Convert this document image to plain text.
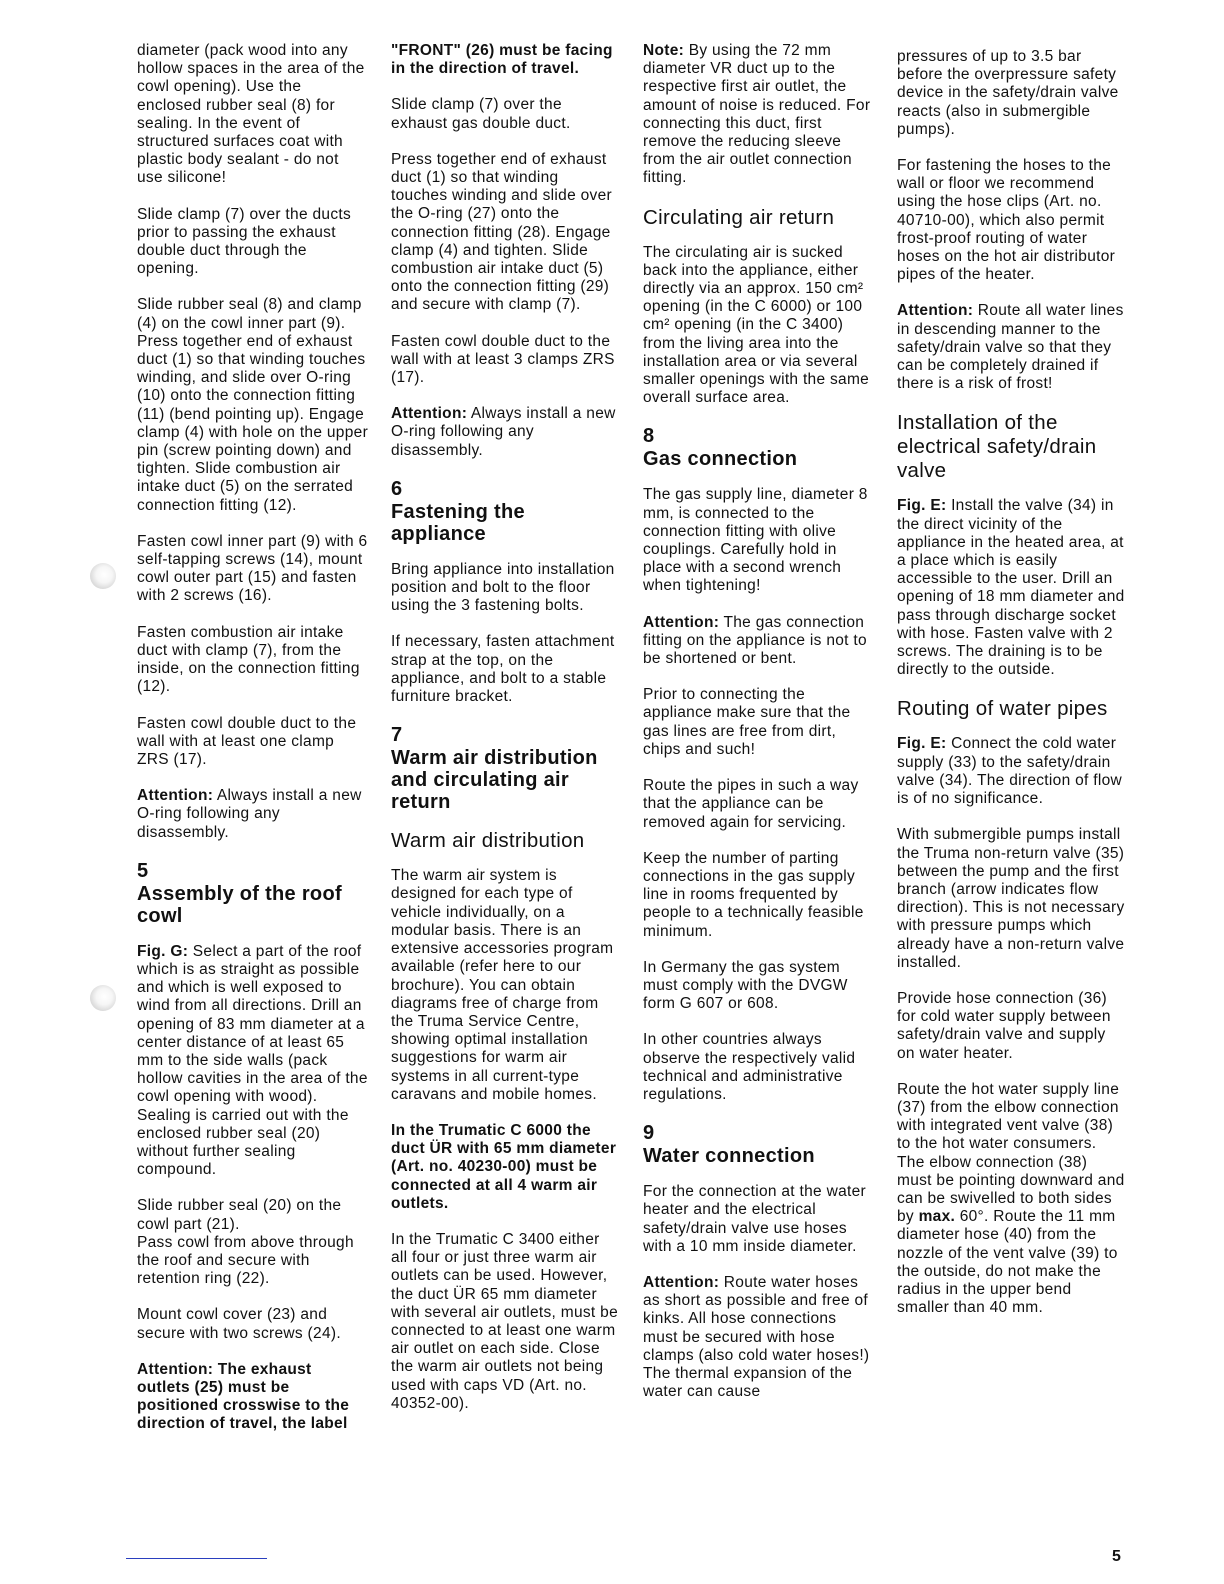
diameter (pack wood into any hollow spaces in the area of the cowl opening). Use the enclosed rubber seal (8) for sealing. In the event of structured surfaces coat with plastic body sealant - do not use silicone!

Slide clamp (7) over the ducts prior to passing the exhaust double duct through the opening.

Slide rubber seal (8) and clamp (4) on the cowl inner part (9). Press together end of exhaust duct (1) so that winding touches winding, and slide over O-ring (10) onto the connection fitting (11) (bend pointing up). Engage clamp (4) with hole on the upper pin (screw pointing down) and tighten. Slide combustion air intake duct (5) on the serrated connection fitting (12).

Fasten cowl inner part (9) with 6 self-tapping screws (14), mount cowl outer part (15) and fasten with 2 screws (16).

Fasten combustion air intake duct with clamp (7), from the inside, on the connection fitting (12).

Fasten cowl double duct to the wall with at least one clamp ZRS (17).

Attention: Always install a new O-ring following any disassembly.

5
Assembly of the roof cowl

Fig. G: Select a part of the roof which is as straight as possible and which is well exposed to wind from all directions. Drill an opening of 83 mm diameter at a center distance of at least 65 mm to the side walls (pack hollow cavities in the area of the cowl opening with wood). Sealing is carried out with the enclosed rubber seal (20) without further sealing compound.

Slide rubber seal (20) on the cowl part (21).

Pass cowl from above through the roof and secure with retention ring (22).

Mount cowl cover (23) and secure with two screws (24).

Attention: The exhaust outlets (25) must be positioned crosswise to the direction of travel, the label

"FRONT" (26) must be facing in the direction of travel.

Slide clamp (7) over the exhaust gas double duct.

Press together end of exhaust duct (1) so that winding touches winding and slide over the O-ring (27) onto the connection fitting (28). Engage clamp (4) and tighten. Slide combustion air intake duct (5) onto the connection fitting (29) and secure with clamp (7).

Fasten cowl double duct to the wall with at least 3 clamps ZRS (17).

Attention: Always install a new O-ring following any disassembly.

6
Fastening the appliance

Bring appliance into installation position and bolt to the floor using the 3 fastening bolts.

If necessary, fasten attachment strap at the top, on the appliance, and bolt to a stable furniture bracket.

7
Warm air distribution and circulating air return
Warm air distribution

The warm air system is designed for each type of vehicle individually, on a modular basis. There is an extensive accessories program available (refer here to our brochure). You can obtain diagrams free of charge from the Truma Service Centre, showing optimal installation suggestions for warm air systems in all current-type caravans and mobile homes.

In the Trumatic C 6000 the duct ÜR with 65 mm diameter (Art. no. 40230-00) must be connected at all 4 warm air outlets.

In the Trumatic C 3400 either all four or just three warm air outlets can be used. However, the duct ÜR 65 mm diameter with several air outlets, must be connected to at least one warm air outlet on each side. Close the warm air outlets not being used with caps VD (Art. no. 40352-00).

Note: By using the 72 mm diameter VR duct up to the respective first air outlet, the amount of noise is reduced. For connecting this duct, first remove the reducing sleeve from the air outlet connection fitting.

Circulating air return

The circulating air is sucked back into the appliance, either directly via an approx. 150 cm² opening (in the C 6000) or 100 cm² opening (in the C 3400) from the living area into the installation area or via several smaller openings with the same overall surface area.

8
Gas connection

The gas supply line, diameter 8 mm, is connected to the connection fitting with olive couplings. Carefully hold in place with a second wrench when tightening!

Attention: The gas connection fitting on the appliance is not to be shortened or bent.

Prior to connecting the appliance make sure that the gas lines are free from dirt, chips and such!

Route the pipes in such a way that the appliance can be removed again for servicing.

Keep the number of parting connections in the gas supply line in rooms frequented by people to a technically feasible minimum.

In Germany the gas system must comply with the DVGW form G 607 or 608.

In other countries always observe the respectively valid technical and administrative regulations.

9
Water connection

For the connection at the water heater and the electrical safety/drain valve use hoses with a 10 mm inside diameter.

Attention: Route water hoses as short as possible and free of kinks. All hose connections must be secured with hose clamps (also cold water hoses!) The thermal expansion of the water can cause

pressures of up to 3.5 bar before the overpressure safety device in the safety/drain valve reacts (also in submergible pumps).

For fastening the hoses to the wall or floor we recommend using the hose clips (Art. no. 40710-00), which also permit frost-proof routing of water hoses on the hot air distributor pipes of the heater.

Attention: Route all water lines in descending manner to the safety/drain valve so that they can be completely drained if there is a risk of frost!

Installation of the electrical safety/drain valve

Fig. E: Install the valve (34) in the direct vicinity of the appliance in the heated area, at a place which is easily accessible to the user. Drill an opening of 18 mm diameter and pass through discharge socket with hose. Fasten valve with 2 screws. The draining is to be directly to the outside.

Routing of water pipes

Fig. E: Connect the cold water supply (33) to the safety/drain valve (34). The direction of flow is of no significance.

With submergible pumps install the Truma non-return valve (35) between the pump and the first branch (arrow indicates flow direction). This is not necessary with pressure pumps which already have a non-return valve installed.

Provide hose connection (36) for cold water supply between safety/drain valve and supply on water heater.

Route the hot water supply line (37) from the elbow connection with integrated vent valve (38) to the hot water consumers. The elbow connection (38) must be pointing downward and can be swivelled to both sides by max. 60°. Route the 11 mm diameter hose (40) from the nozzle of the vent valve (39) to the outside, do not make the radius in the upper bend smaller than 40 mm.

5
